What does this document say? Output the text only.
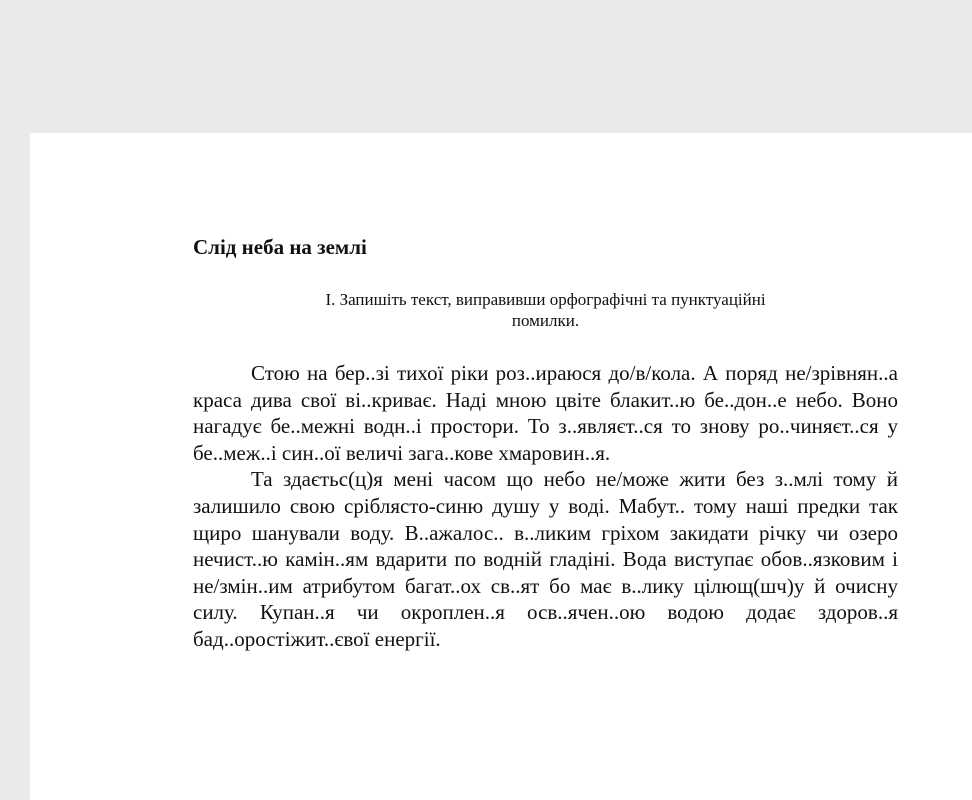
Слід неба на землі
І. Запишіть текст, виправивши орфографічні та пунктуаційні
помилки.

Стою на бер..зі тихої ріки роз..ираюся до/в/кола. А поряд не/зрівнян..а краса дива свої ві..криває. Наді мною цвіте блакит..ю бе..дон..е небо. Воно нагадує бе..межні водн..і простори. То з..являєт..ся то знову ро..чиняєт..ся у бе..меж..і син..ої величі зага..кове хмаровин..я.

Та здаєтьс(ц)я мені часом що небо не/може жити без з..млі тому й залишило свою сріблясто-синю душу у воді. Мабут.. тому наші предки так щиро шанували воду. В..ажалос.. в..ликим гріхом закидати річку чи озеро нечист..ю камін..ям вдарити по водній гладіні. Вода виступає обов..язковим і не/змін..им атрибутом багат..ох св..ят бо має в..лику цілющ(шч)у й очисну силу. Купан..я чи окроплен..я осв..ячен..ою водою додає здоров..я бад..оростіжит..євої енергії.
